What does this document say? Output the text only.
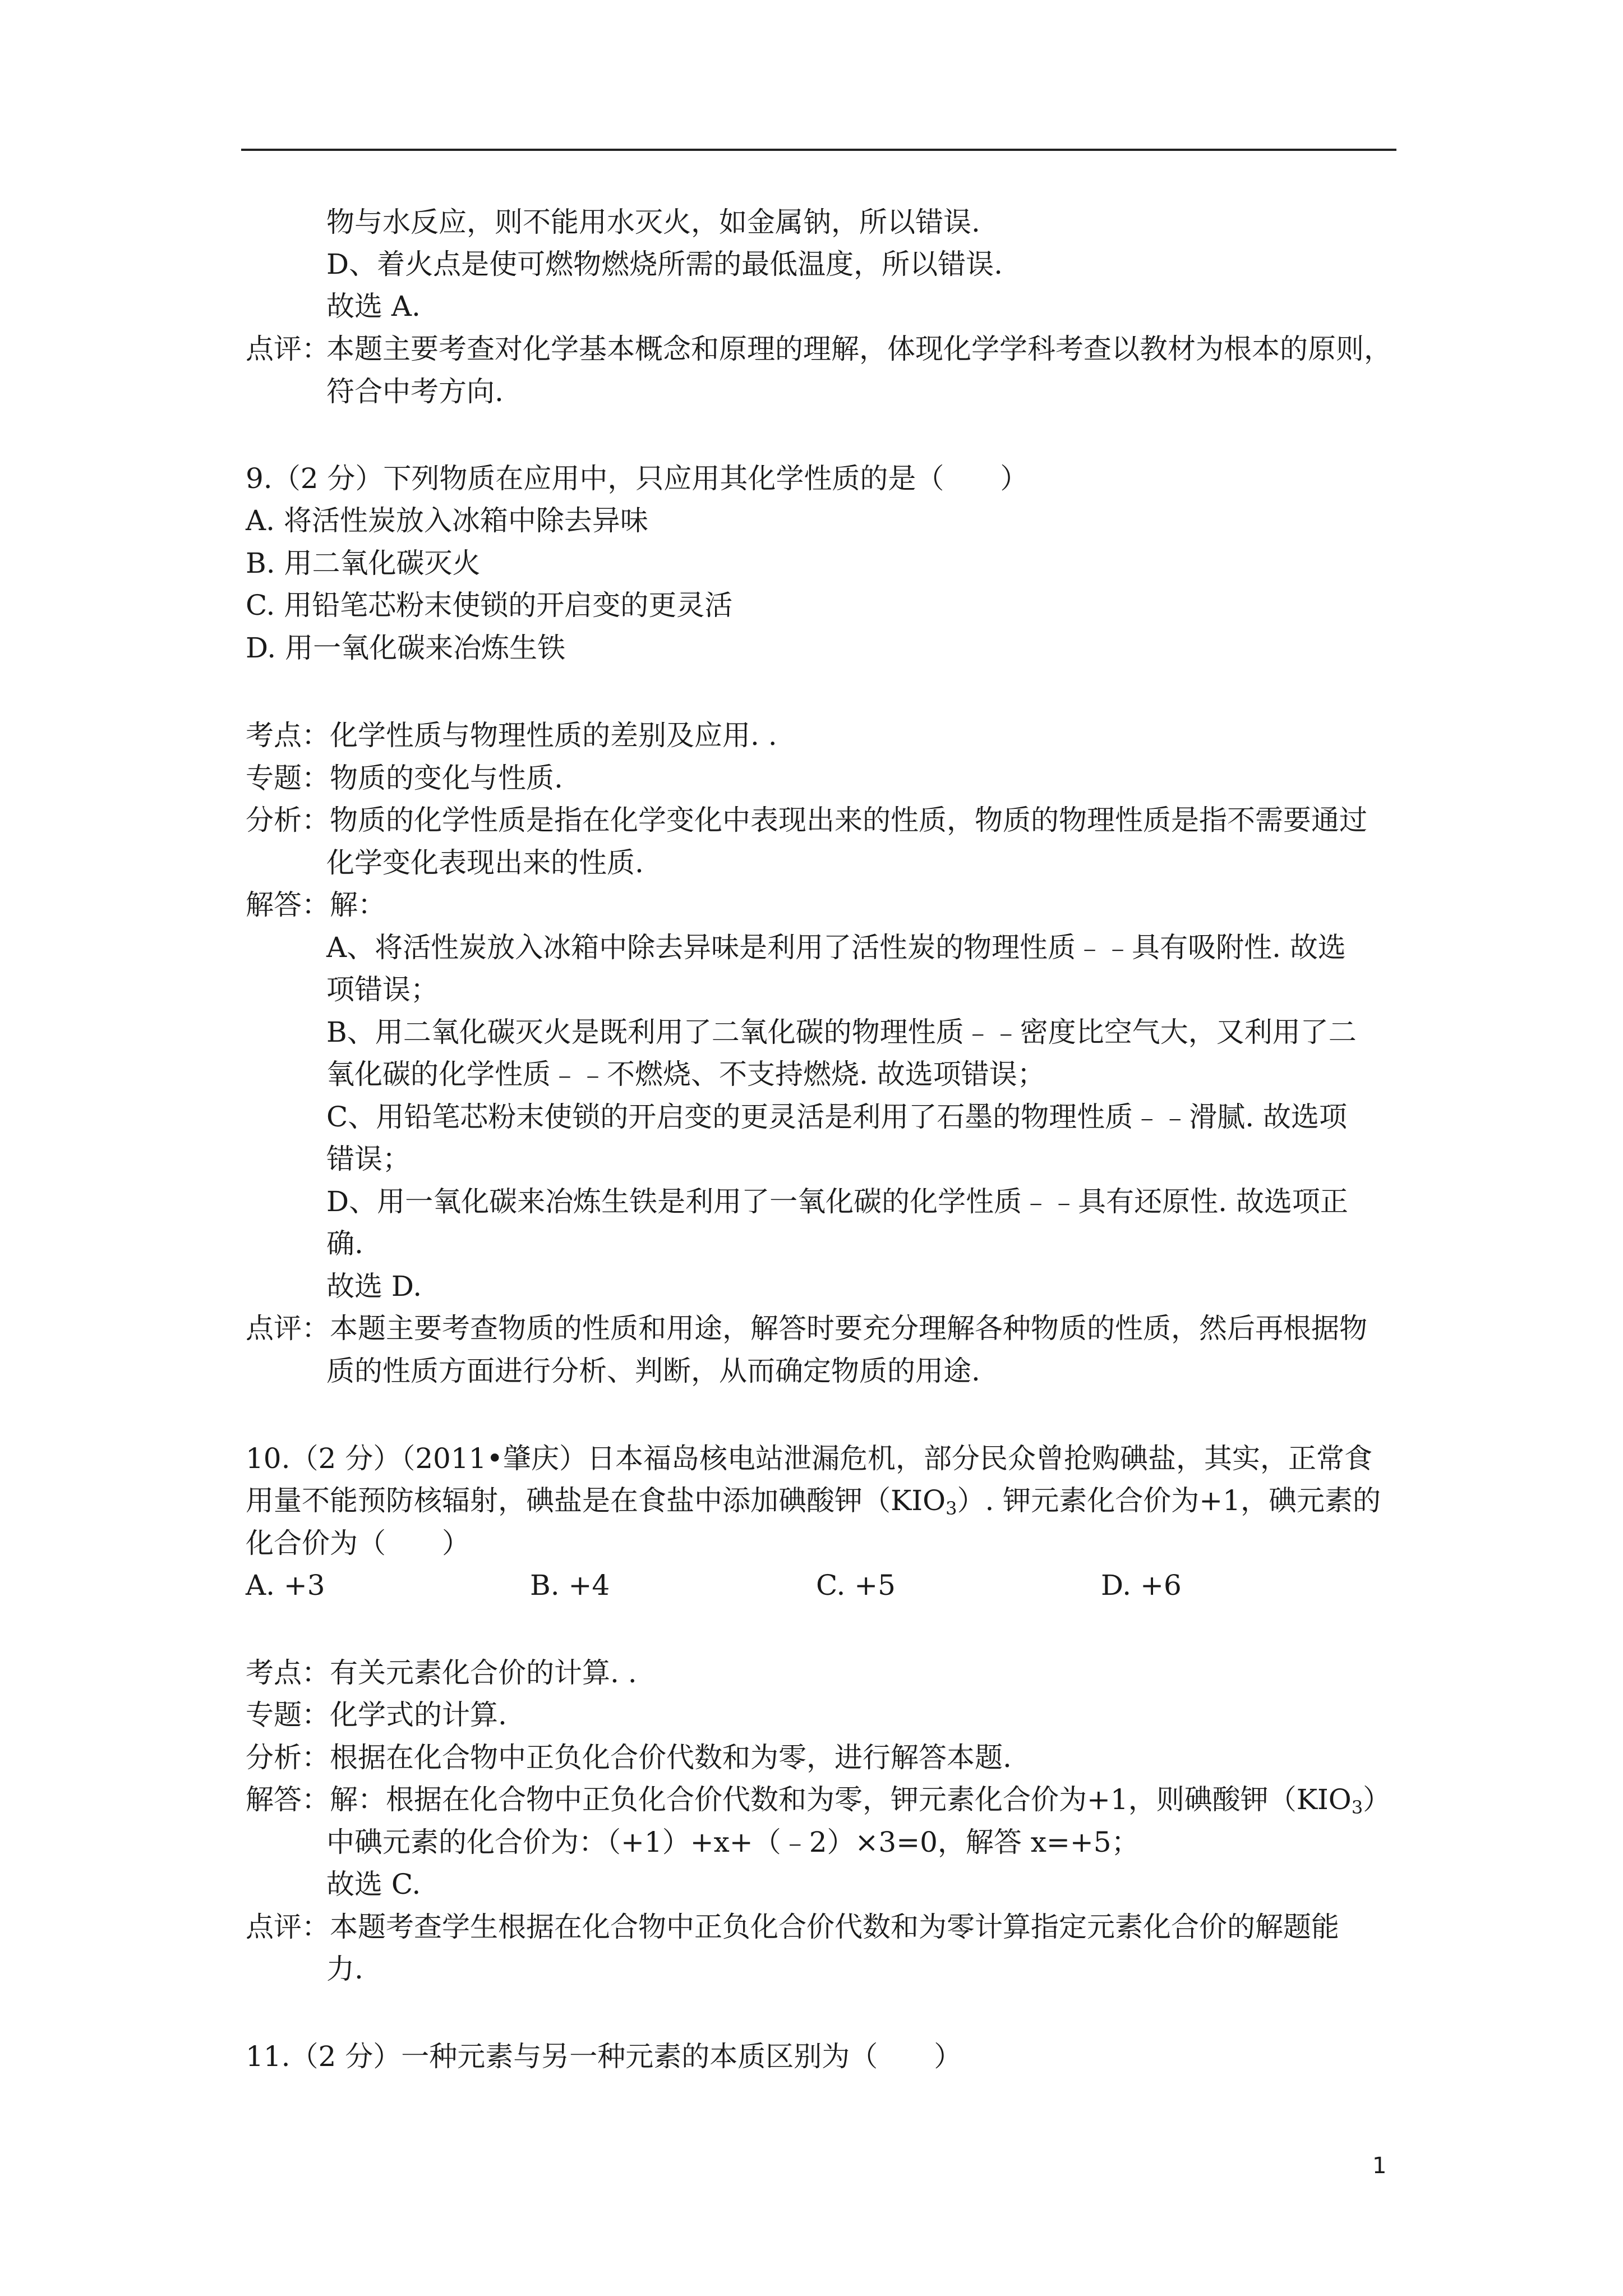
物与水反应，则不能用水灭火，如金属钠，所以错误.
D、着火点是使可燃物燃烧所需的最低温度，所以错误.
故选 A.
点评：
本题主要考查对化学基本概念和原理的理解，体现化学学科考查以教材为根本的原则，
符合中考方向.
9.（2 分）下列物质在应用中，只应用其化学性质的是（　　）
A. 将活性炭放入冰箱中除去异味
B. 用二氧化碳灭火
C. 用铅笔芯粉末使锁的开启变的更灵活
D. 用一氧化碳来冶炼生铁
考点：化学性质与物理性质的差别及应用. .
专题：物质的变化与性质.
分析：物质的化学性质是指在化学变化中表现出来的性质，物质的物理性质是指不需要通过
化学变化表现出来的性质.
解答：解：
A、将活性炭放入冰箱中除去异味是利用了活性炭的物理性质﹣﹣具有吸附性. 故选
项错误；
B、用二氧化碳灭火是既利用了二氧化碳的物理性质﹣﹣密度比空气大，又利用了二
氧化碳的化学性质﹣﹣不燃烧、不支持燃烧. 故选项错误；
C、用铅笔芯粉末使锁的开启变的更灵活是利用了石墨的物理性质﹣﹣滑腻. 故选项
错误；
D、用一氧化碳来冶炼生铁是利用了一氧化碳的化学性质﹣﹣具有还原性. 故选项正
确.
故选 D.
点评：本题主要考查物质的性质和用途，解答时要充分理解各种物质的性质，然后再根据物
质的性质方面进行分析、判断，从而确定物质的用途.
10.（2 分）（2011•肇庆）日本福岛核电站泄漏危机，部分民众曾抢购碘盐，其实，正常食
用量不能预防核辐射，碘盐是在食盐中添加碘酸钾$(KIO_3)$. 钾元素化合价为+1，碘元素的
化合价为（　　）
A. +3	B. +4	C. +5	D. +6
考点：有关元素化合价的计算. .
专题：化学式的计算.
分析：根据在化合物中正负化合价代数和为零，进行解答本题.
解答：解：根据在化合物中正负化合价代数和为零，钾元素化合价为+1，则碘酸钾$(KIO_3)$
中碘元素的化合价为：（+1）+x+（﹣2）×3=0，解答 x=+5；
故选 C.
点评：本题考查学生根据在化合物中正负化合价代数和为零计算指定元素化合价的解题能
力.
11.（2 分）一种元素与另一种元素的本质区别为（　　）
1
